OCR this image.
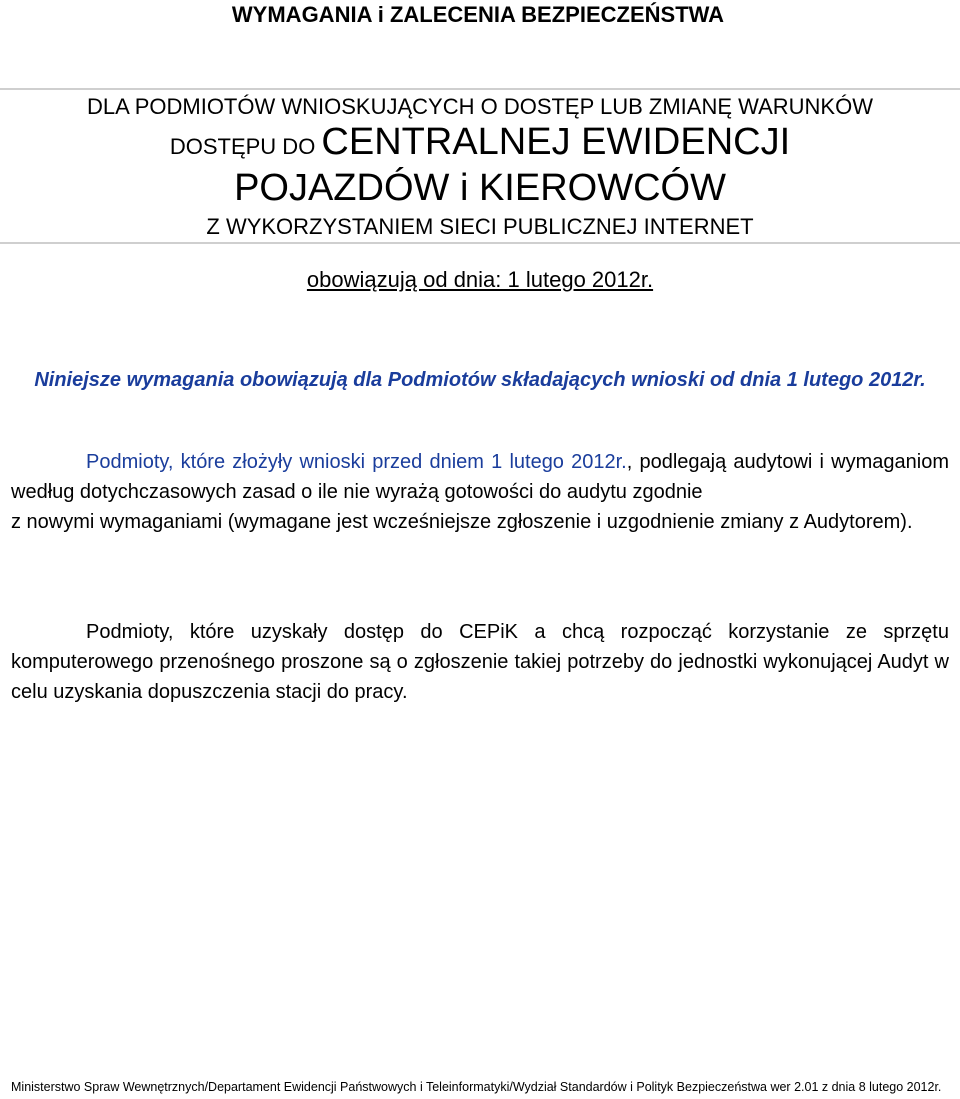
WYMAGANIA i ZALECENIA BEZPIECZEŃSTWA
DLA PODMIOTÓW WNIOSKUJĄCYCH O DOSTĘP LUB ZMIANĘ WARUNKÓW
DOSTĘPU DO CENTRALNEJ EWIDENCJI
POJAZDÓW i KIEROWCÓW
Z WYKORZYSTANIEM SIECI PUBLICZNEJ INTERNET
obowiązują od dnia: 1 lutego 2012r.
Niniejsze wymagania obowiązują dla Podmiotów składających wnioski od dnia 1 lutego 2012r.

Podmioty, które złożyły wnioski przed dniem 1 lutego 2012r., podlegają audytowi i wymaganiom według dotychczasowych zasad o ile nie wyrażą gotowości do audytu zgodnie
z nowymi wymaganiami (wymagane jest wcześniejsze zgłoszenie i uzgodnienie zmiany z Audytorem).

Podmioty, które uzyskały dostęp do CEPiK a chcą rozpocząć korzystanie ze sprzętu komputerowego przenośnego proszone są o zgłoszenie takiej potrzeby do jednostki wykonującej Audyt w celu uzyskania dopuszczenia stacji do pracy.

Ministerstwo Spraw Wewnętrznych/Departament Ewidencji Państwowych i Teleinformatyki/Wydział Standardów i Polityk Bezpieczeństwa wer 2.01 z dnia 8 lutego 2012r.
